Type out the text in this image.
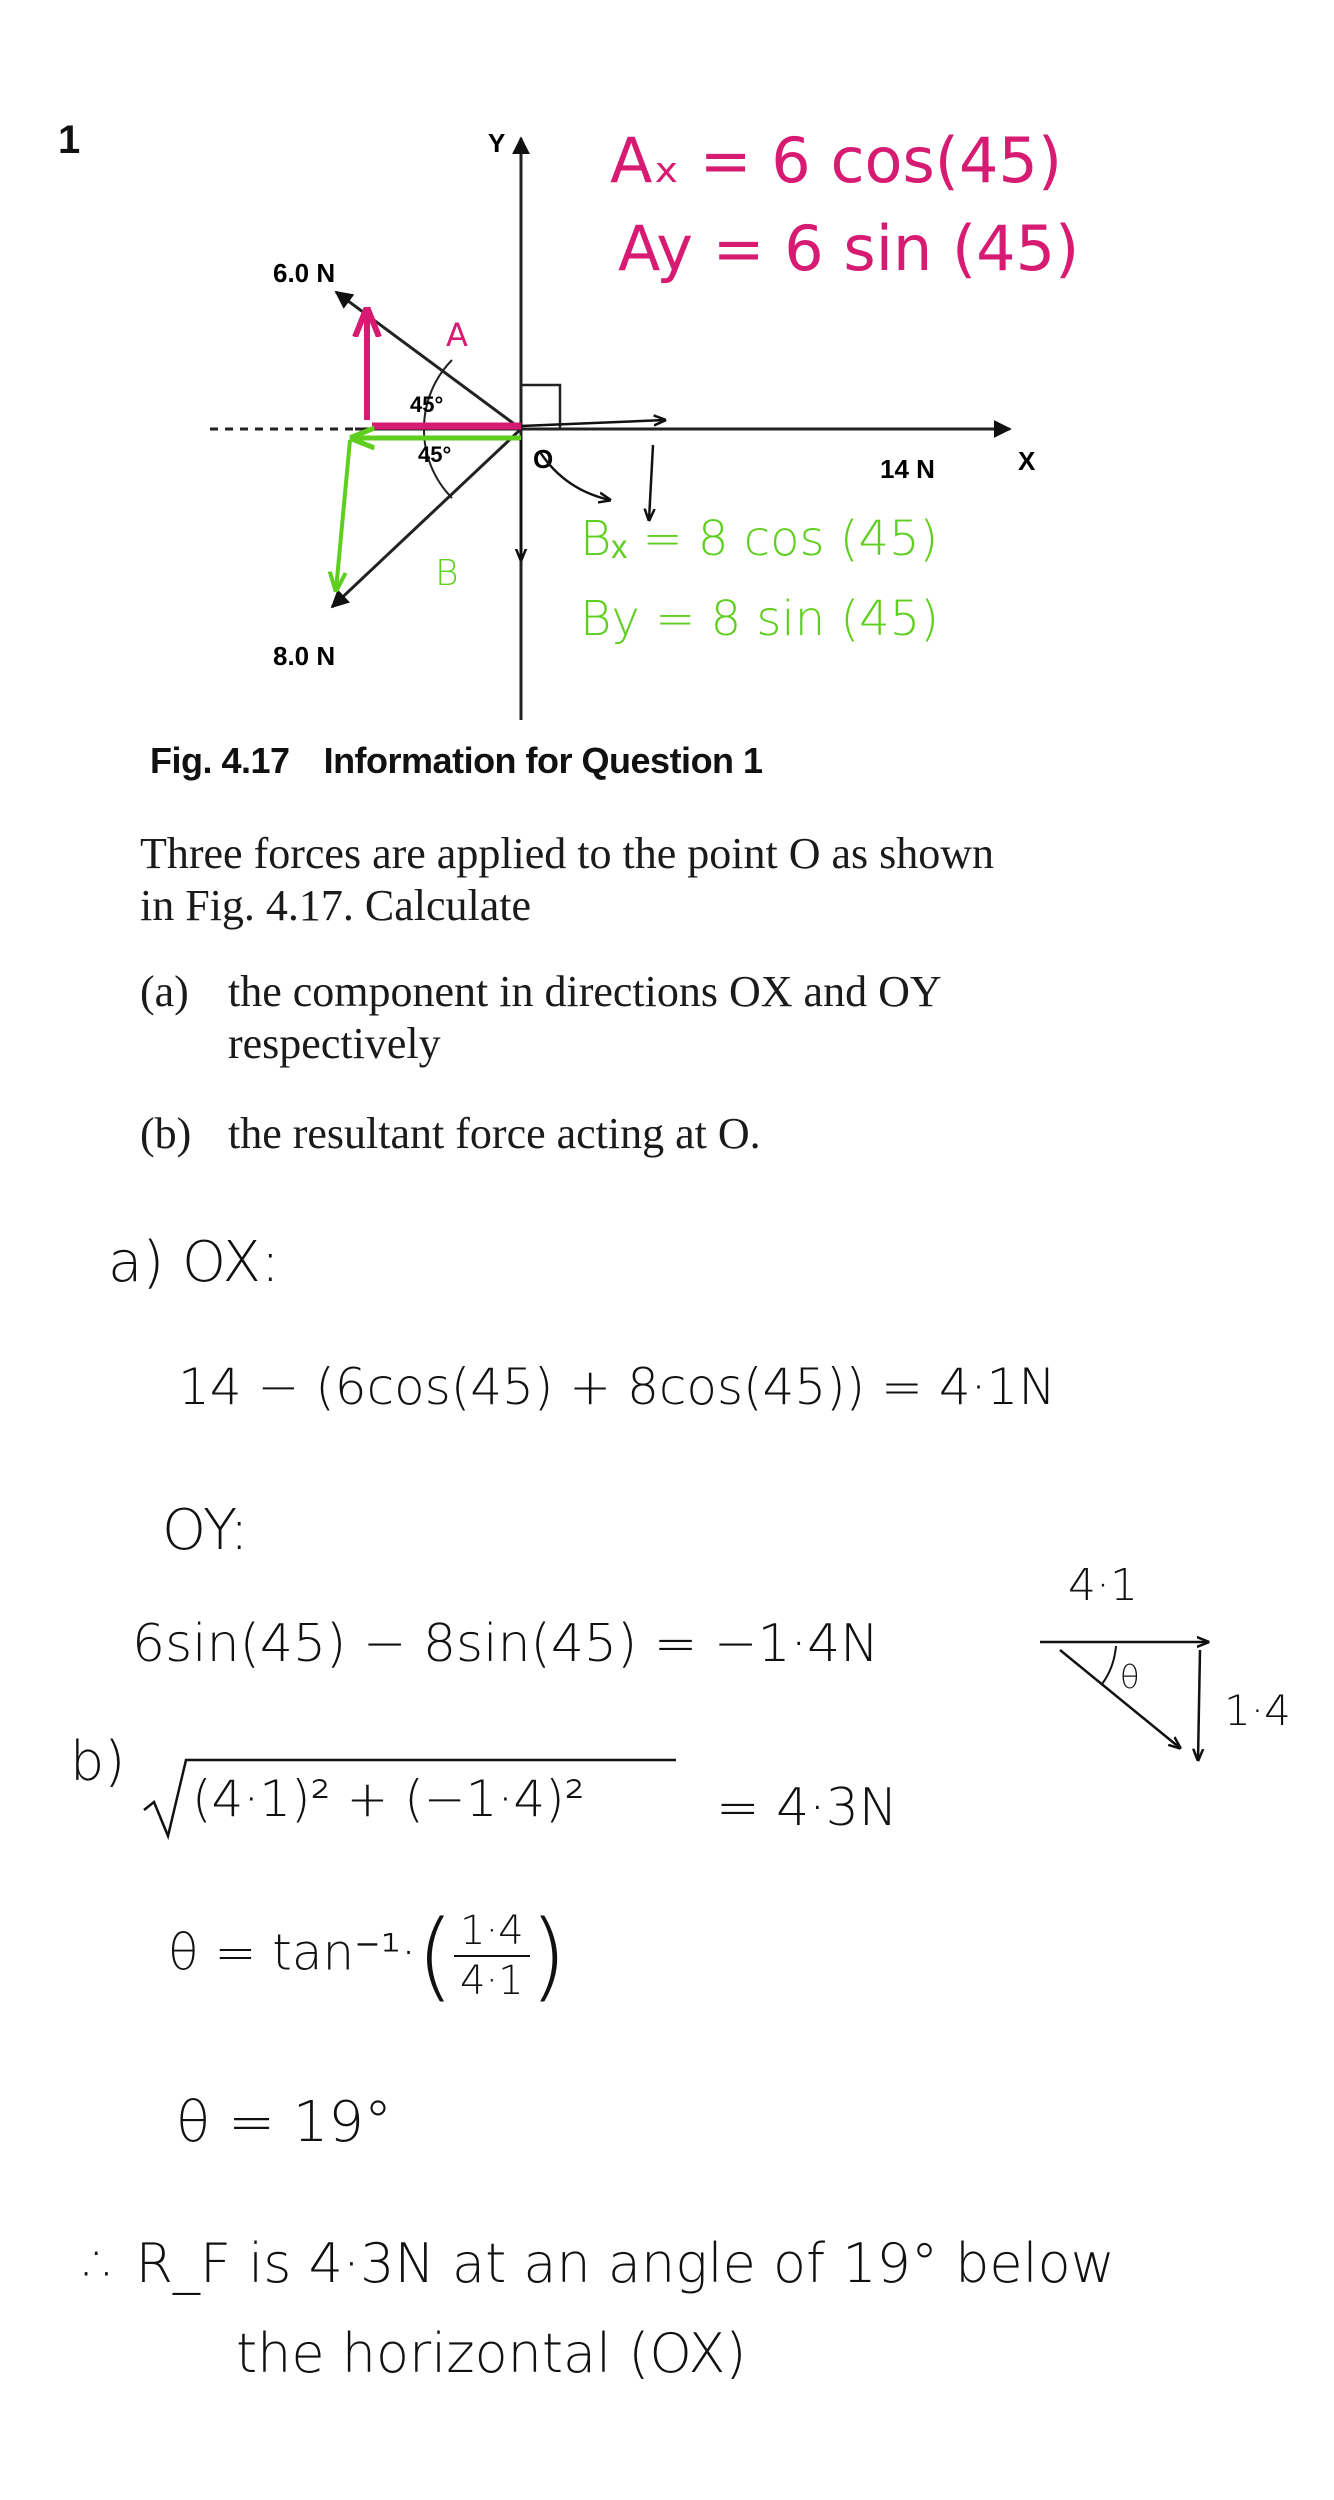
1	Y
X
14 N
6.0 N
8.0 N
45°
45°	O
A
B
Aₓ = 6 cos(45)
Ay = 6 sin (45)
Bₓ = 8 cos (45)
By = 8 sin (45)
Fig. 4.17 Information for Question 1
Three forces are applied to the point O as shown
in Fig. 4.17. Calculate
(a) the component in directions OX and OY
respectively
(b) the resultant force acting at O.
a) OX:
14 − (6cos(45) + 8cos(45)) = 4·1N
OY:
6sin(45) − 8sin(45) = −1·4N
4·1
θ
1·4
b)
(4·1)² + (−1·4)²	= 4·3N
$\theta = \tan^{-1}\cdot( \frac{1\cdot 4}{4\cdot 1}$ )
θ = 19°
∴ R_F is 4·3N at an angle of 19° below
the horizontal (OX)
